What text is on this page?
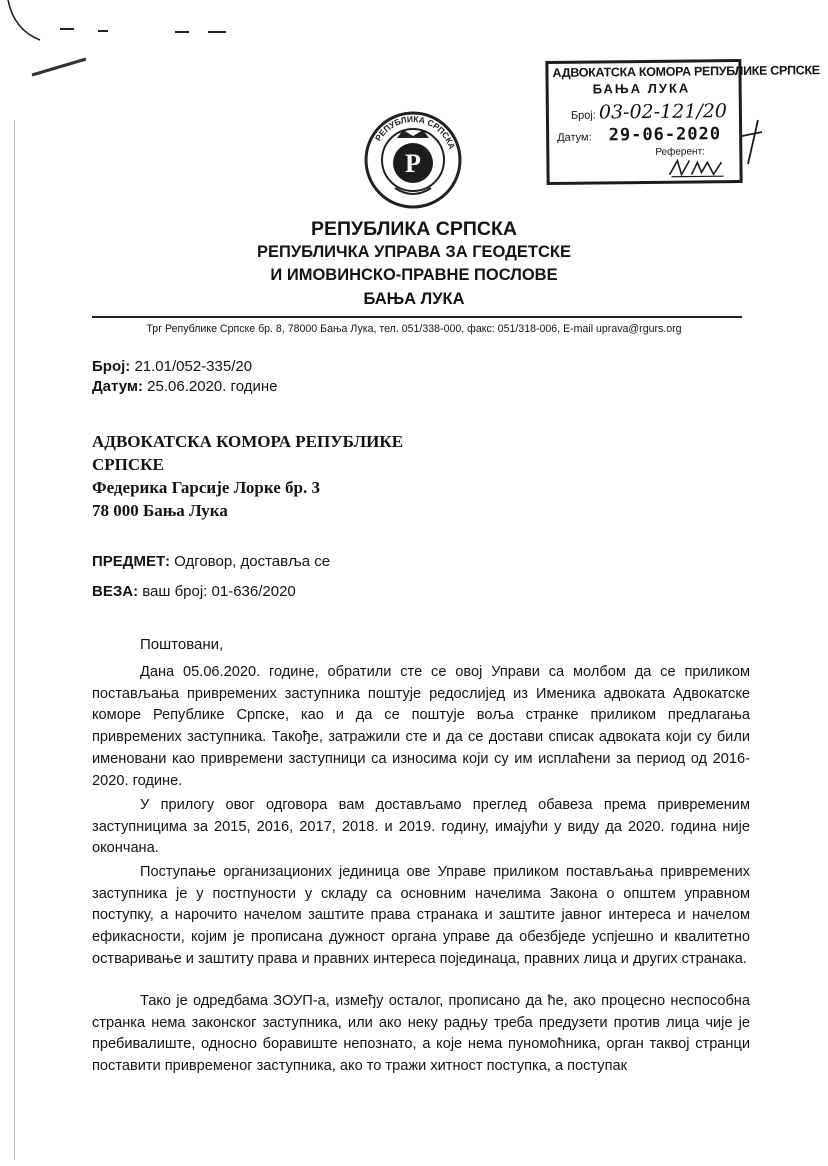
АДВОКАТСКА КОМОРА РЕПУБЛИКЕ СРПСКЕ
БАЊА ЛУКА
Број: 03-02-121/20
Датум: 29-06-2020
Референт:
РЕПУБЛИКА СРПСКА
Р
РЕПУБЛИКА СРПСКА
РЕПУБЛИЧКА УПРАВА ЗА ГЕОДЕТСКЕ
И ИМОВИНСКО-ПРАВНЕ ПОСЛОВЕ
БАЊА ЛУКА
Трг Републике Српске бр. 8, 78000 Бања Лука, тел. 051/338-000, факс: 051/318-006, E-mail uprava@rgurs.org
Број: 21.01/052-335/20
Датум: 25.06.2020. године
АДВОКАТСКА КОМОРА РЕПУБЛИКЕ
СРПСКЕ
Федерика Гарсије Лорке бр. 3
78 000 Бања Лука
ПРЕДМЕТ: Одговор, доставља се
ВЕЗА: ваш број: 01-636/2020
Поштовани,
Дана 05.06.2020. године, обратили сте се овој Управи са молбом да се приликом постављања привремених заступника поштује редослијед из Именика адвоката Адвокатске коморе Републике Српске, као и да се поштује воља странке приликом предлагања привремених заступника. Такође, затражили сте и да се достави списак адвоката који су били именовани као привремени заступници са износима који су им исплаћени за период од 2016-2020. године.
У прилогу овог одговора вам достављамо преглед обавеза према привременим заступницима за 2015, 2016, 2017, 2018. и 2019. годину, имајући у виду да 2020. година није окончана.
Поступање организационих јединица ове Управе приликом постављања привремених заступника је у постпуности у складу са основним начелима Закона о општем управном поступку, а нарочито начелом заштите права странака и заштите јавног интереса и начелом ефикасности, којим је прописана дужност органа управе да обезбједе успјешно и квалитетно остваривање и заштиту права и правних интереса појединаца, правних лица и других странака.
Тако је одредбама ЗОУП-а, између осталог, прописано да ће, ако процесно неспособна странка нема законског заступника, или ако неку радњу треба предузети против лица чије је пребивалиште, односно боравиште непознато, а које нема пуномоћника, орган таквој странци поставити привременог заступника, ако то тражи хитност поступка, а поступак
